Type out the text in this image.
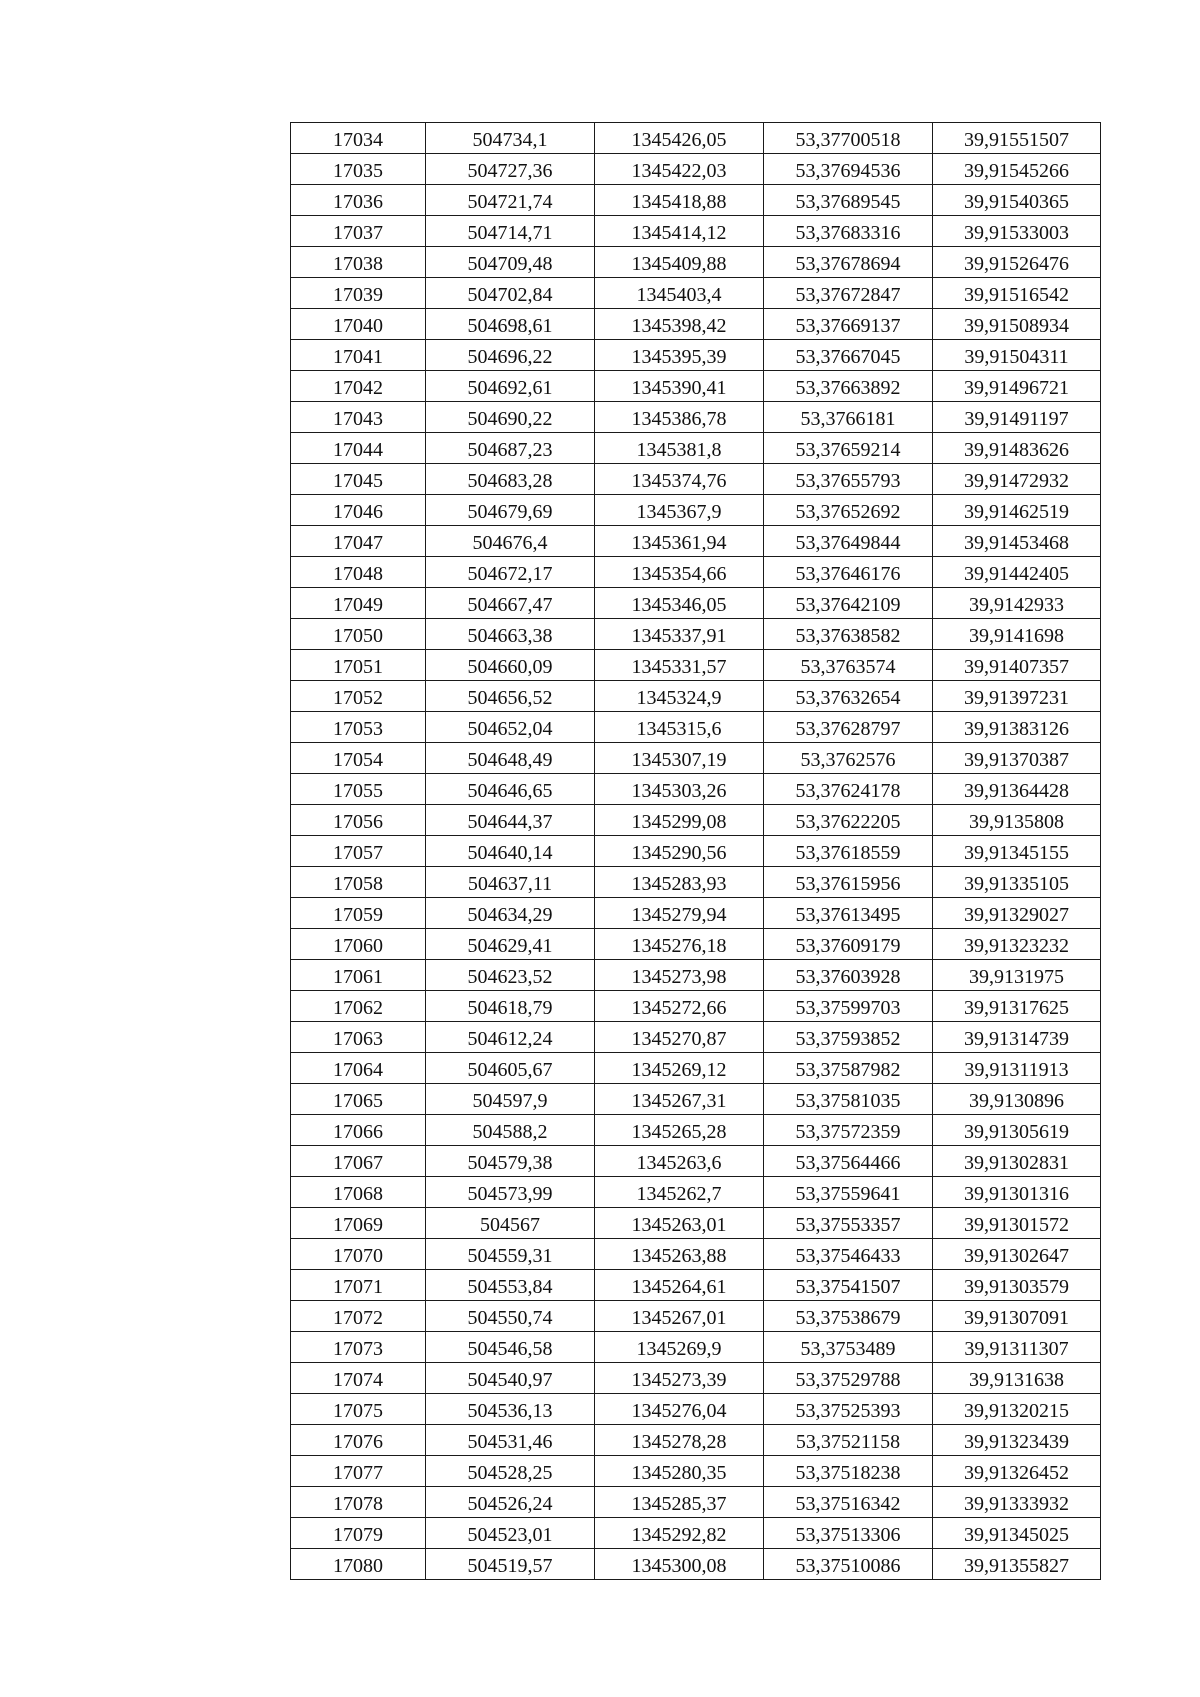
17034	504734,1	1345426,05	53,37700518	39,91551507
17035	504727,36	1345422,03	53,37694536	39,91545266
17036	504721,74	1345418,88	53,37689545	39,91540365
17037	504714,71	1345414,12	53,37683316	39,91533003
17038	504709,48	1345409,88	53,37678694	39,91526476
17039	504702,84	1345403,4	53,37672847	39,91516542
17040	504698,61	1345398,42	53,37669137	39,91508934
17041	504696,22	1345395,39	53,37667045	39,91504311
17042	504692,61	1345390,41	53,37663892	39,91496721
17043	504690,22	1345386,78	53,3766181	39,91491197
17044	504687,23	1345381,8	53,37659214	39,91483626
17045	504683,28	1345374,76	53,37655793	39,91472932
17046	504679,69	1345367,9	53,37652692	39,91462519
17047	504676,4	1345361,94	53,37649844	39,91453468
17048	504672,17	1345354,66	53,37646176	39,91442405
17049	504667,47	1345346,05	53,37642109	39,9142933
17050	504663,38	1345337,91	53,37638582	39,9141698
17051	504660,09	1345331,57	53,3763574	39,91407357
17052	504656,52	1345324,9	53,37632654	39,91397231
17053	504652,04	1345315,6	53,37628797	39,91383126
17054	504648,49	1345307,19	53,3762576	39,91370387
17055	504646,65	1345303,26	53,37624178	39,91364428
17056	504644,37	1345299,08	53,37622205	39,9135808
17057	504640,14	1345290,56	53,37618559	39,91345155
17058	504637,11	1345283,93	53,37615956	39,91335105
17059	504634,29	1345279,94	53,37613495	39,91329027
17060	504629,41	1345276,18	53,37609179	39,91323232
17061	504623,52	1345273,98	53,37603928	39,9131975
17062	504618,79	1345272,66	53,37599703	39,91317625
17063	504612,24	1345270,87	53,37593852	39,91314739
17064	504605,67	1345269,12	53,37587982	39,91311913
17065	504597,9	1345267,31	53,37581035	39,9130896
17066	504588,2	1345265,28	53,37572359	39,91305619
17067	504579,38	1345263,6	53,37564466	39,91302831
17068	504573,99	1345262,7	53,37559641	39,91301316
17069	504567	1345263,01	53,37553357	39,91301572
17070	504559,31	1345263,88	53,37546433	39,91302647
17071	504553,84	1345264,61	53,37541507	39,91303579
17072	504550,74	1345267,01	53,37538679	39,91307091
17073	504546,58	1345269,9	53,3753489	39,91311307
17074	504540,97	1345273,39	53,37529788	39,9131638
17075	504536,13	1345276,04	53,37525393	39,91320215
17076	504531,46	1345278,28	53,37521158	39,91323439
17077	504528,25	1345280,35	53,37518238	39,91326452
17078	504526,24	1345285,37	53,37516342	39,91333932
17079	504523,01	1345292,82	53,37513306	39,91345025
17080	504519,57	1345300,08	53,37510086	39,91355827
